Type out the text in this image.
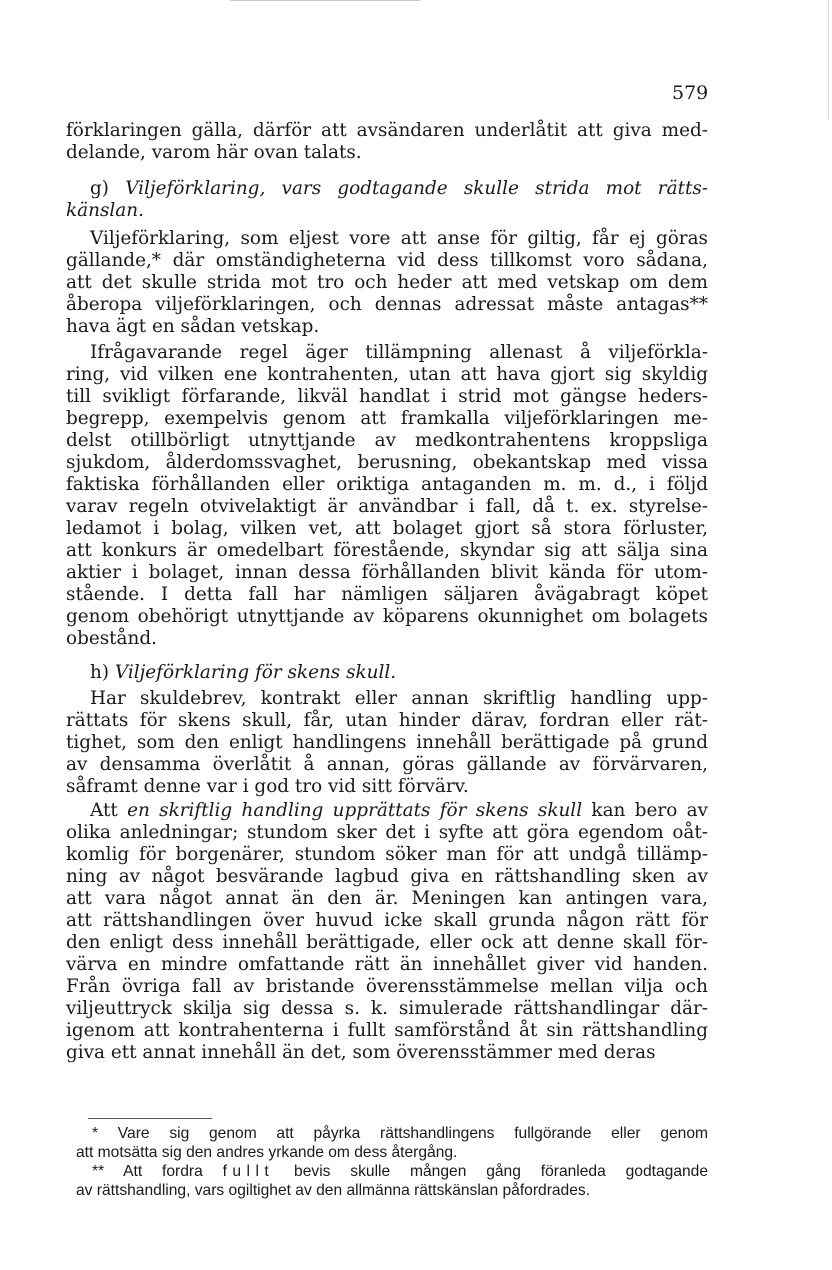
579
förklaringen gälla, därför att avsändaren underlåtit att giva med-
delande, varom här ovan talats.
g) Viljeförklaring, vars godtagande skulle strida mot rätts-
känslan.
Viljeförklaring, som eljest vore att anse för giltig, får ej göras
gällande,* där omständigheterna vid dess tillkomst voro sådana,
att det skulle strida mot tro och heder att med vetskap om dem
åberopa viljeförklaringen, och dennas adressat måste antagas**
hava ägt en sådan vetskap.
Ifrågavarande regel äger tillämpning allenast å viljeförkla-
ring, vid vilken ene kontrahenten, utan att hava gjort sig skyldig
till svikligt förfarande, likväl handlat i strid mot gängse heders-
begrepp, exempelvis genom att framkalla viljeförklaringen me-
delst otillbörligt utnyttjande av medkontrahentens kroppsliga
sjukdom, ålderdomssvaghet, berusning, obekantskap med vissa
faktiska förhållanden eller oriktiga antaganden m. m. d., i följd
varav regeln otvivelaktigt är användbar i fall, då t. ex. styrelse-
ledamot i bolag, vilken vet, att bolaget gjort så stora förluster,
att konkurs är omedelbart förestående, skyndar sig att sälja sina
aktier i bolaget, innan dessa förhållanden blivit kända för utom-
stående. I detta fall har nämligen säljaren åvägabragt köpet
genom obehörigt utnyttjande av köparens okunnighet om bolagets
obestånd.
h) Viljeförklaring för skens skull.
Har skuldebrev, kontrakt eller annan skriftlig handling upp-
rättats för skens skull, får, utan hinder därav, fordran eller rät-
tighet, som den enligt handlingens innehåll berättigade på grund
av densamma överlåtit å annan, göras gällande av förvärvaren,
såframt denne var i god tro vid sitt förvärv.
Att en skriftlig handling upprättats för skens skull kan bero av
olika anledningar; stundom sker det i syfte att göra egendom oåt-
komlig för borgenärer, stundom söker man för att undgå tillämp-
ning av något besvärande lagbud giva en rättshandling sken av
att vara något annat än den är. Meningen kan antingen vara,
att rättshandlingen över huvud icke skall grunda någon rätt för
den enligt dess innehåll berättigade, eller ock att denne skall för-
värva en mindre omfattande rätt än innehållet giver vid handen.
Från övriga fall av bristande överensstämmelse mellan vilja och
viljeuttryck skilja sig dessa s. k. simulerade rättshandlingar där-
igenom att kontrahenterna i fullt samförstånd åt sin rättshandling
giva ett annat innehåll än det, som överensstämmer med deras
* Vare sig genom att påyrka rättshandlingens fullgörande eller genom
att motsätta sig den andres yrkande om dess återgång.
** Att fordra fullt bevis skulle mången gång föranleda godtagande
av rättshandling, vars ogiltighet av den allmänna rättskänslan påfordrades.
